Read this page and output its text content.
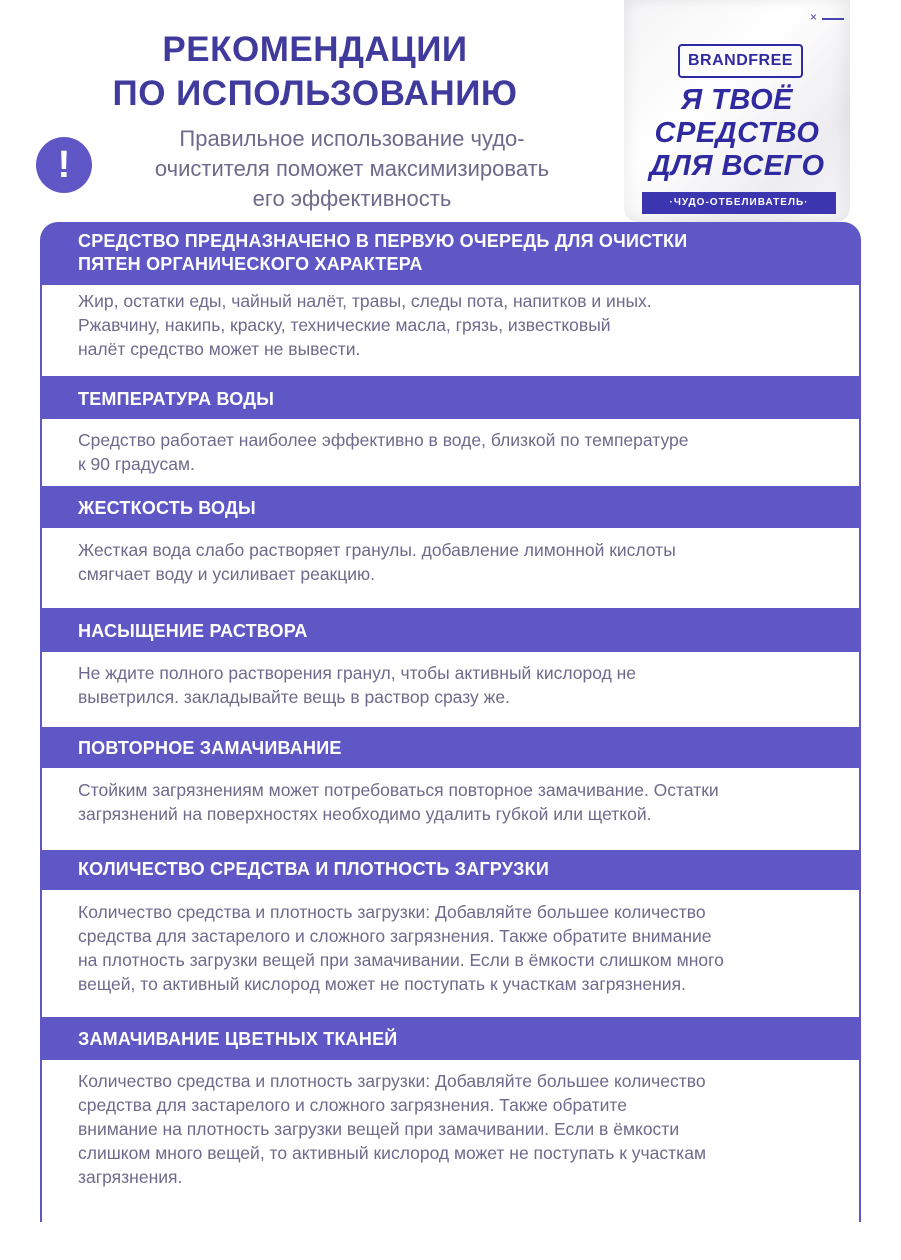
РЕКОМЕНДАЦИИ
ПО ИСПОЛЬЗОВАНИЮ
!
Правильное использование чудо-
очистителя поможет максимизировать
его эффективность
×
BRANDFREE
Я ТВОЁ
СРЕДСТВО
ДЛЯ ВСЕГО
·ЧУДО-ОТБЕЛИВАТЕЛЬ·
СРЕДСТВО ПРЕДНАЗНАЧЕНО В ПЕРВУЮ ОЧЕРЕДЬ ДЛЯ ОЧИСТКИ
ПЯТЕН ОРГАНИЧЕСКОГО ХАРАКТЕРА

Жир, остатки еды, чайный налёт, травы, следы пота, напитков и иных.
Ржавчину, накипь, краску, технические масла, грязь, известковый
налёт средство может не вывести.

ТЕМПЕРАТУРА ВОДЫ

Средство работает наиболее эффективно в воде, близкой по температуре
к 90 градусам.

ЖЕСТКОСТЬ ВОДЫ

Жесткая вода слабо растворяет гранулы. добавление лимонной кислоты
смягчает воду и усиливает реакцию.

НАСЫЩЕНИЕ РАСТВОРА

Не ждите полного растворения гранул, чтобы активный кислород не
выветрился. закладывайте вещь в раствор сразу же.

ПОВТОРНОЕ ЗАМАЧИВАНИЕ

Стойким загрязнениям может потребоваться повторное замачивание. Остатки
загрязнений на поверхностях необходимо удалить губкой или щеткой.

КОЛИЧЕСТВО СРЕДСТВА И ПЛОТНОСТЬ ЗАГРУЗКИ

Количество средства и плотность загрузки: Добавляйте большее количество
средства для застарелого и сложного загрязнения. Также обратите внимание
на плотность загрузки вещей при замачивании. Если в ёмкости слишком много
вещей, то активный кислород может не поступать к участкам загрязнения.

ЗАМАЧИВАНИЕ ЦВЕТНЫХ ТКАНЕЙ

Количество средства и плотность загрузки: Добавляйте большее количество
средства для застарелого и сложного загрязнения. Также обратите
внимание на плотность загрузки вещей при замачивании. Если в ёмкости
слишком много вещей, то активный кислород может не поступать к участкам
загрязнения.
